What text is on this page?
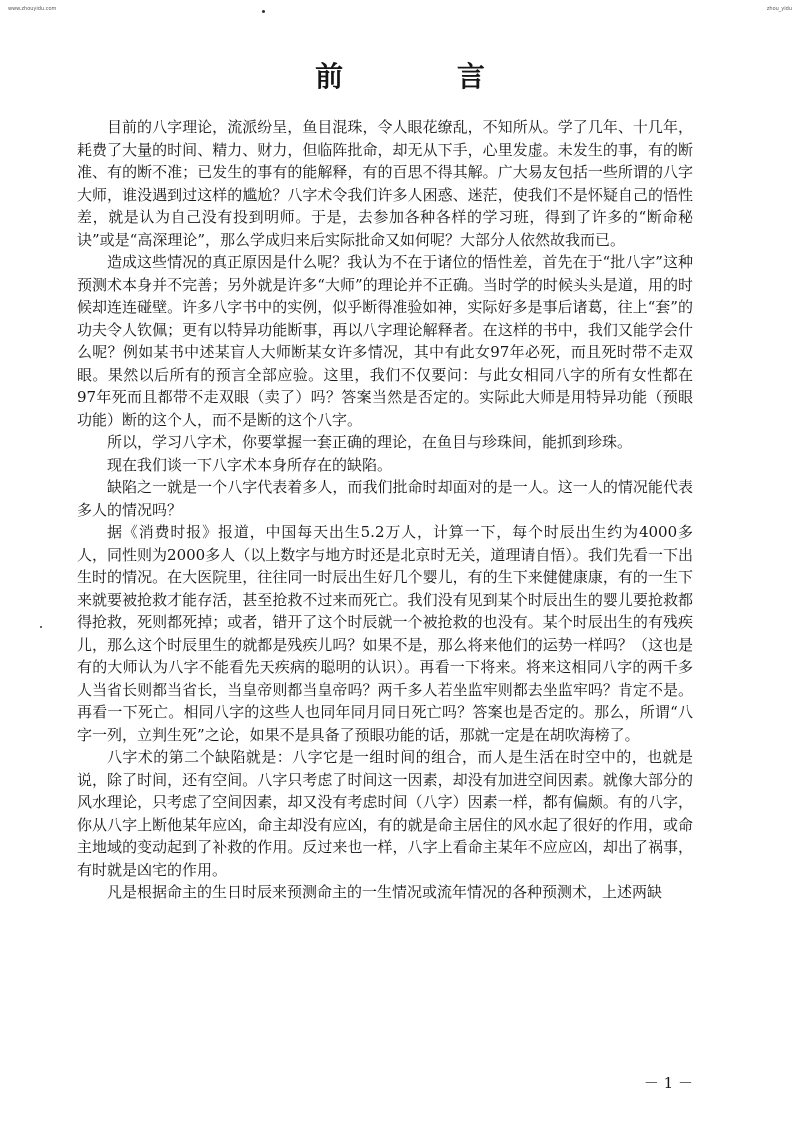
www.zhouyidu.com	zhou_yidu
前 言

目前的八字理论，流派纷呈，鱼目混珠，令人眼花缭乱，不知所从。学了几年、十几年，耗费了大量的时间、精力、财力，但临阵批命，却无从下手，心里发虚。未发生的事，有的断准、有的断不准；已发生的事有的能解释，有的百思不得其解。广大易友包括一些所谓的八字大师，谁没遇到过这样的尴尬？八字术令我们许多人困惑、迷茫，使我们不是怀疑自己的悟性差，就是认为自己没有投到明师。于是，去参加各种各样的学习班，得到了许多的“断命秘诀”或是“高深理论”，那么学成归来后实际批命又如何呢？大部分人依然故我而已。

造成这些情况的真正原因是什么呢？我认为不在于诸位的悟性差，首先在于“批八字”这种预测术本身并不完善；另外就是许多“大师”的理论并不正确。当时学的时候头头是道，用的时候却连连碰壁。许多八字书中的实例，似乎断得准验如神，实际好多是事后诸葛，往上“套”的功夫令人钦佩；更有以特异功能断事，再以八字理论解释者。在这样的书中，我们又能学会什么呢？例如某书中述某盲人大师断某女许多情况，其中有此女97年必死，而且死时带不走双眼。果然以后所有的预言全部应验。这里，我们不仅要问：与此女相同八字的所有女性都在97年死而且都带不走双眼（卖了）吗？答案当然是否定的。实际此大师是用特异功能（预眼功能）断的这个人，而不是断的这个八字。

所以，学习八字术，你要掌握一套正确的理论，在鱼目与珍珠间，能抓到珍珠。

现在我们谈一下八字术本身所存在的缺陷。

缺陷之一就是一个八字代表着多人，而我们批命时却面对的是一人。这一人的情况能代表多人的情况吗？

据《消费时报》报道，中国每天出生5.2万人，计算一下，每个时辰出生约为4000多人，同性则为2000多人（以上数字与地方时还是北京时无关，道理请自悟）。我们先看一下出生时的情况。在大医院里，往往同一时辰出生好几个婴儿，有的生下来健健康康，有的一生下来就要被抢救才能存活，甚至抢救不过来而死亡。我们没有见到某个时辰出生的婴儿要抢救都得抢救，死则都死掉；或者，错开了这个时辰就一个被抢救的也没有。某个时辰出生的有残疾儿，那么这个时辰里生的就都是残疾儿吗？如果不是，那么将来他们的运势一样吗？（这也是有的大师认为八字不能看先天疾病的聪明的认识）。再看一下将来。将来这相同八字的两千多人当省长则都当省长，当皇帝则都当皇帝吗？两千多人若坐监牢则都去坐监牢吗？肯定不是。再看一下死亡。相同八字的这些人也同年同月同日死亡吗？答案也是否定的。那么，所谓“八字一列，立判生死”之论，如果不是具备了预眼功能的话，那就一定是在胡吹海榜了。

八字术的第二个缺陷就是：八字它是一组时间的组合，而人是生活在时空中的，也就是说，除了时间，还有空间。八字只考虑了时间这一因素，却没有加进空间因素。就像大部分的风水理论，只考虑了空间因素，却又没有考虑时间（八字）因素一样，都有偏颇。有的八字，你从八字上断他某年应凶，命主却没有应凶，有的就是命主居住的风水起了很好的作用，或命主地域的变动起到了补救的作用。反过来也一样，八字上看命主某年不应应凶，却出了祸事，有时就是凶宅的作用。

凡是根据命主的生日时辰来预测命主的一生情况或流年情况的各种预测术，上述两缺

－ 1 －
